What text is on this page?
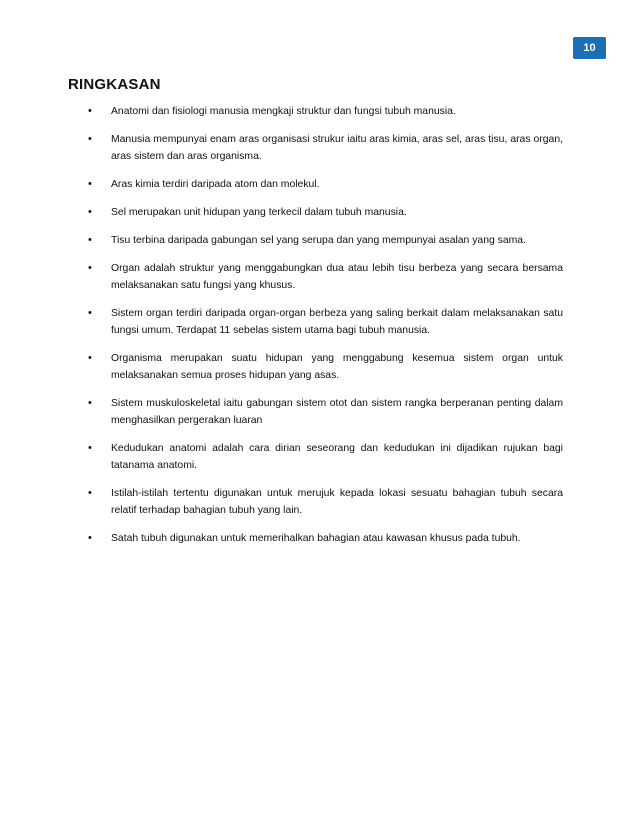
10
RINGKASAN
• Anatomi dan fisiologi manusia mengkaji struktur dan fungsi tubuh manusia.
• Manusia mempunyai enam aras organisasi strukur iaitu aras kimia, aras sel, aras tisu, aras organ, aras sistem dan aras organisma.
• Aras kimia terdiri daripada atom dan molekul.
• Sel merupakan unit hidupan yang terkecil dalam tubuh manusia.
• Tisu terbina daripada gabungan sel yang serupa dan yang mempunyai asalan yang sama.
• Organ adalah struktur yang menggabungkan dua atau lebih tisu berbeza yang secara bersama melaksanakan satu fungsi yang khusus.
• Sistem organ terdiri daripada organ-organ berbeza yang saling berkait dalam melaksanakan satu fungsi umum. Terdapat 11 sebelas sistem utama bagi tubuh manusia.
• Organisma merupakan suatu hidupan yang menggabung kesemua sistem organ untuk melaksanakan semua proses hidupan yang asas.
• Sistem muskuloskeletal iaitu gabungan sistem otot dan sistem rangka berperanan penting dalam menghasilkan pergerakan luaran
• Kedudukan anatomi adalah cara dirian seseorang dan kedudukan ini dijadikan rujukan bagi tatanama anatomi.
• Istilah-istilah tertentu digunakan untuk merujuk kepada lokasi sesuatu bahagian tubuh secara relatif terhadap bahagian tubuh yang lain.
• Satah tubuh digunakan untuk memerihalkan bahagian atau kawasan khusus pada tubuh.
